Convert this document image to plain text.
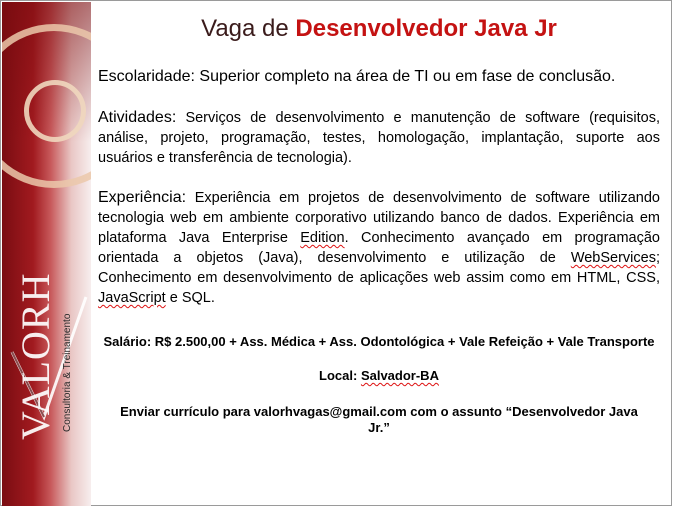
VALORH Consultoria & Treinamento
Vaga de Desenvolvedor Java Jr

Escolaridade: Superior completo na área de TI ou em fase de conclusão.

Atividades: Serviços de desenvolvimento e manutenção de software (requisitos, análise, projeto, programação, testes, homologação, implantação, suporte aos usuários e transferência de tecnologia).

Experiência: Experiência em projetos de desenvolvimento de software utilizando tecnologia web em ambiente corporativo utilizando banco de dados. Experiência em plataforma Java Enterprise Edition. Conhecimento avançado em programação orientada a objetos (Java), desenvolvimento e utilização de WebServices; Conhecimento em desenvolvimento de aplicações web assim como em HTML, CSS, JavaScript e SQL.

Salário: R$ 2.500,00 + Ass. Médica + Ass. Odontológica + Vale Refeição + Vale Transporte

Local: Salvador-BA

Enviar currículo para valorhvagas@gmail.com com o assunto “Desenvolvedor Java Jr.”
